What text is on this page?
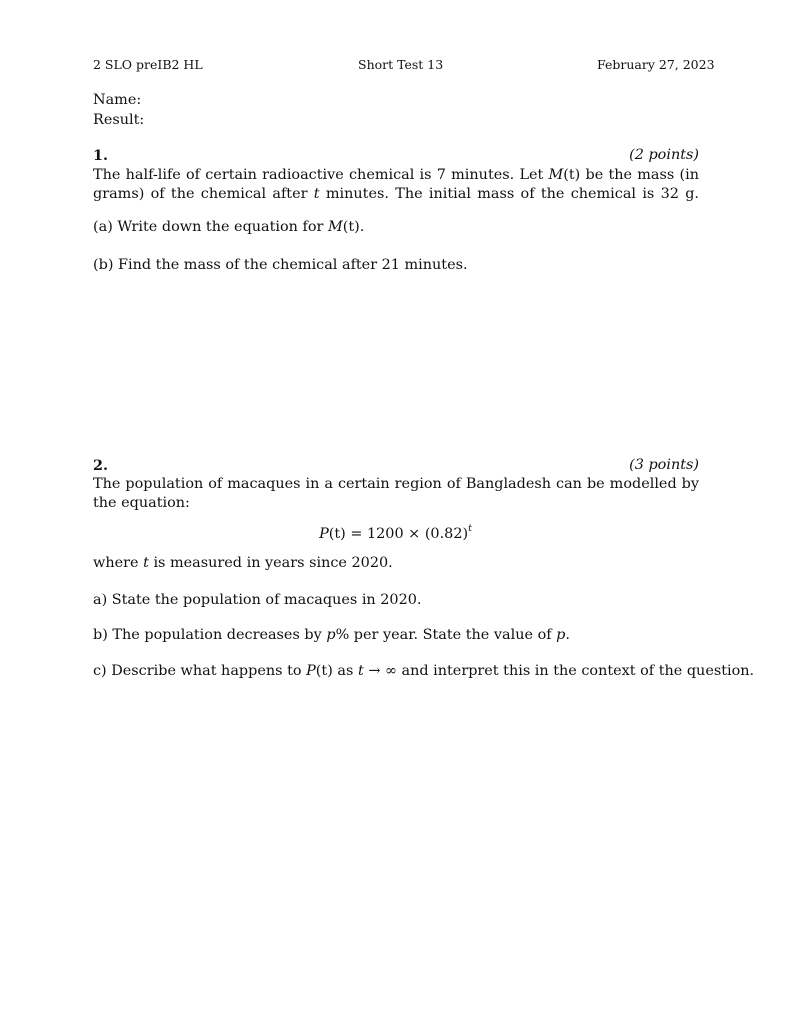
2 SLO preIB2 HL	Short Test 13	February 27, 2023
Name:
Result:
1.	(2 points)
The half-life of certain radioactive chemical is 7 minutes. Let M(t) be the mass (in grams) of the chemical after t minutes. The initial mass of the chemical is 32 g.
(a) Write down the equation for M(t).
(b) Find the mass of the chemical after 21 minutes.
2.	(3 points)
The population of macaques in a certain region of Bangladesh can be modelled by the equation:
$P(t) = 1200 \times (0.82)^t$
where t is measured in years since 2020.
a) State the population of macaques in 2020.
b) The population decreases by p% per year. State the value of p.
c) Describe what happens to P(t) as t → ∞ and interpret this in the context of the question.
